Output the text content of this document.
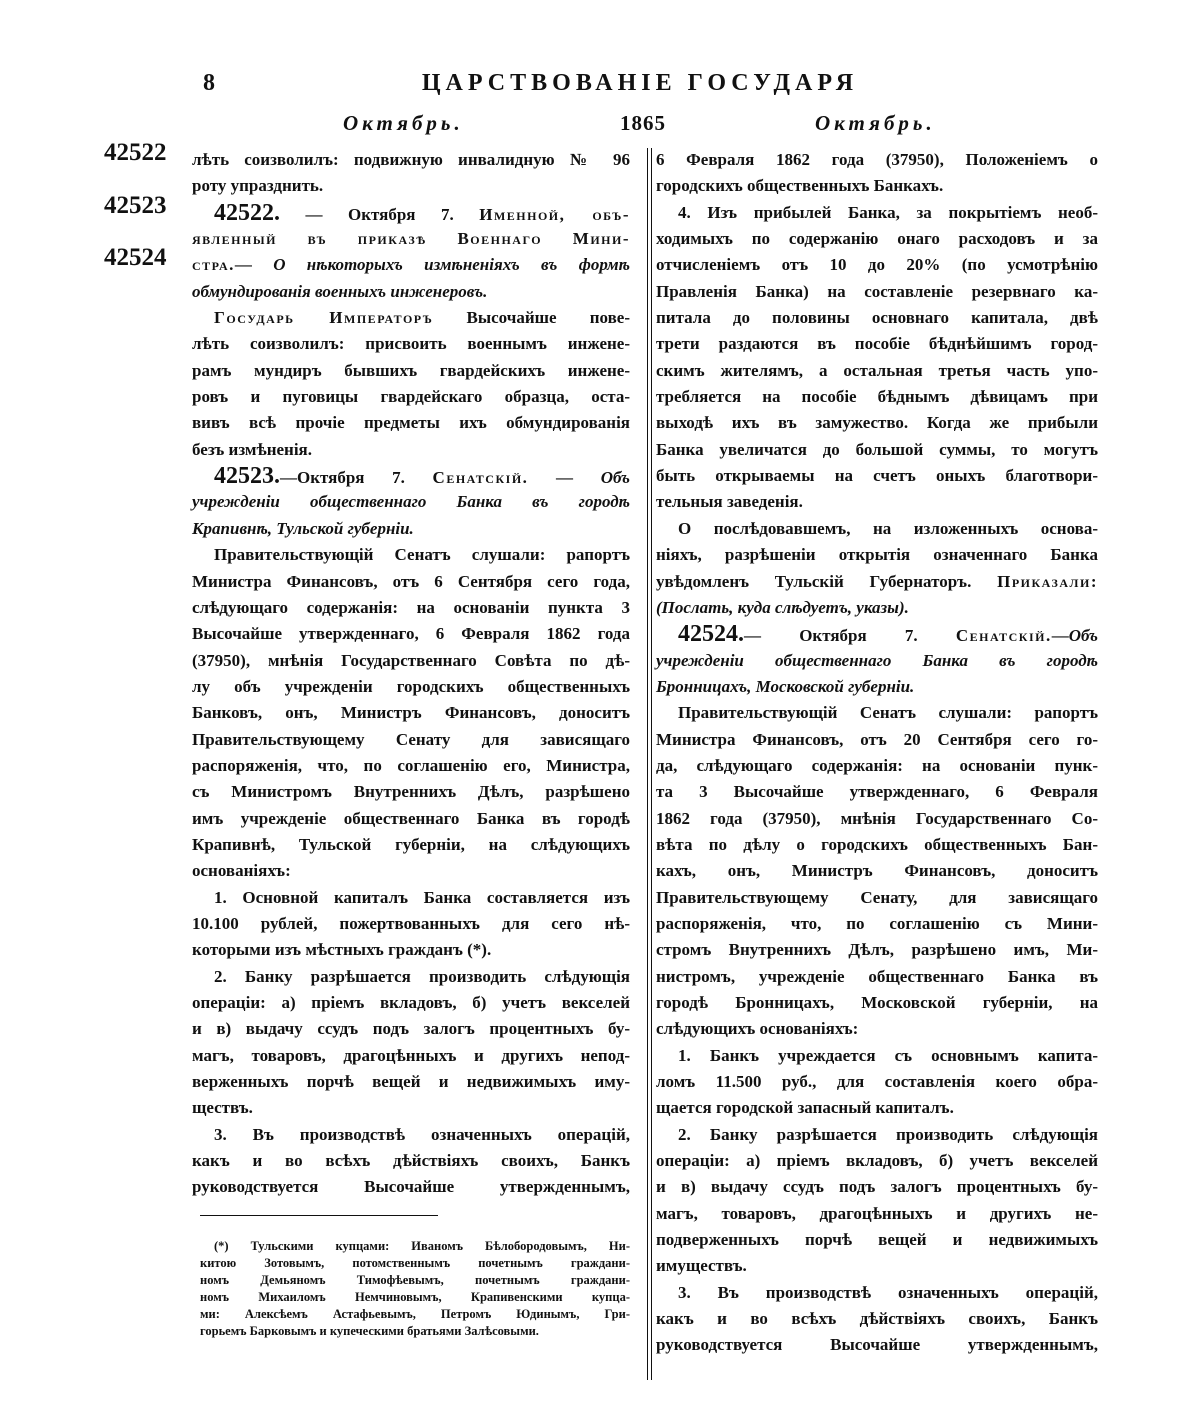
8	ЦАРСТВОВАНІЕ ГОСУДАРЯ
Октябрь.	1865	Октябрь.
42522
42523
42524
лѣть соизволилъ: подвижную инвалидную № 96
роту упразднить.
42522. — Октября 7. Именной, объ-
явленный въ приказѣ Военнаго Мини-
стра.— О нѣкоторыхъ измѣненіяхъ въ формѣ
обмундированія военныхъ инженеровъ.
Государь Императоръ Высочайше пове-
лѣть соизволилъ: присвоить военнымъ инжене-
рамъ мундиръ бывшихъ гвардейскихъ инжене-
ровъ и пуговицы гвардейскаго образца, оста-
вивъ всѣ прочіе предметы ихъ обмундированія
безъ измѣненія.
42523.—Октября 7. Сенатскій. — Объ
учрежденіи общественнаго Банка въ городѣ
Крапивнѣ, Тульской губерніи.
Правительствующій Сенатъ слушали: рапортъ
Министра Финансовъ, отъ 6 Сентября сего года,
слѣдующаго содержанія: на основаніи пункта 3
Высочайше утвержденнаго, 6 Февраля 1862 года
(37950), мнѣнія Государственнаго Совѣта по дѣ-
лу объ учрежденіи городскихъ общественныхъ
Банковъ, онъ, Министръ Финансовъ, доноситъ
Правительствующему Сенату для зависящаго
распоряженія, что, по соглашенію его, Министра,
съ Министромъ Внутреннихъ Дѣлъ, разрѣшено
имъ учрежденіе общественнаго Банка въ городѣ
Крапивнѣ, Тульской губерніи, на слѣдующихъ
основаніяхъ:
1. Основной капиталъ Банка составляется изъ
10.100 рублей, пожертвованныхъ для сего нѣ-
которыми изъ мѣстныхъ гражданъ (*).
2. Банку разрѣшается производить слѣдующія
операціи: а) пріемъ вкладовъ, б) учетъ векселей
и в) выдачу ссудъ подъ залогъ процентныхъ бу-
магъ, товаровъ, драгоцѣнныхъ и другихъ непод-
верженныхъ порчѣ вещей и недвижимыхъ иму-
ществъ.
3. Въ производствѣ означенныхъ операцій,
какъ и во всѣхъ дѣйствіяхъ своихъ, Банкъ
руководствуется Высочайше утвержденнымъ,
6 Февраля 1862 года (37950), Положеніемъ о
городскихъ общественныхъ Банкахъ.
4. Изъ прибылей Банка, за покрытіемъ необ-
ходимыхъ по содержанію онаго расходовъ и за
отчисленіемъ отъ 10 до 20% (по усмотрѣнію
Правленія Банка) на составленіе резервнаго ка-
питала до половины основнаго капитала, двѣ
трети раздаются въ пособіе бѣднѣйшимъ город-
скимъ жителямъ, а остальная третья часть упо-
требляется на пособіе бѣднымъ дѣвицамъ при
выходѣ ихъ въ замужество. Когда же прибыли
Банка увеличатся до большой суммы, то могутъ
быть открываемы на счетъ оныхъ благотвори-
тельныя заведенія.
О послѣдовавшемъ, на изложенныхъ основа-
ніяхъ, разрѣшеніи открытія означеннаго Банка
увѣдомленъ Тульскій Губернаторъ. Приказали:
(Послать, куда слѣдуетъ, указы).
42524.— Октября 7. Сенатскій.—Объ
учрежденіи общественнаго Банка въ городѣ
Бронницахъ, Московской губерніи.
Правительствующій Сенатъ слушали: рапортъ
Министра Финансовъ, отъ 20 Сентября сего го-
да, слѣдующаго содержанія: на основаніи пунк-
та 3 Высочайше утвержденнаго, 6 Февраля
1862 года (37950), мнѣнія Государственнаго Со-
вѣта по дѣлу о городскихъ общественныхъ Бан-
кахъ, онъ, Министръ Финансовъ, доноситъ
Правительствующему Сенату, для зависящаго
распоряженія, что, по соглашенію съ Мини-
стромъ Внутреннихъ Дѣлъ, разрѣшено имъ, Ми-
нистромъ, учрежденіе общественнаго Банка въ
городѣ Бронницахъ, Московской губерніи, на
слѣдующихъ основаніяхъ:
1. Банкъ учреждается съ основнымъ капита-
ломъ 11.500 руб., для составленія коего обра-
щается городской запасный капиталъ.
2. Банку разрѣшается производить слѣдующія
операціи: а) пріемъ вкладовъ, б) учетъ векселей
и в) выдачу ссудъ подъ залогъ процентныхъ бу-
магъ, товаровъ, драгоцѣнныхъ и другихъ не-
подверженныхъ порчѣ вещей и недвижимыхъ
имуществъ.
3. Въ производствѣ означенныхъ операцій,
какъ и во всѣхъ дѣйствіяхъ своихъ, Банкъ
руководствуется Высочайше утвержденнымъ,
(*) Тульскими купцами: Иваномъ Бѣлобородовымъ, Ни-
китою Зотовымъ, потомственнымъ почетнымъ граждани-
номъ Демьяномъ Тимофѣевымъ, почетнымъ граждани-
номъ Михаиломъ Немчиновымъ, Крапивенскими купца-
ми: Алексѣемъ Астафьевымъ, Петромъ Юдинымъ, Гри-
горьемъ Барковымъ и купеческими братьями Залѣсовыми.
